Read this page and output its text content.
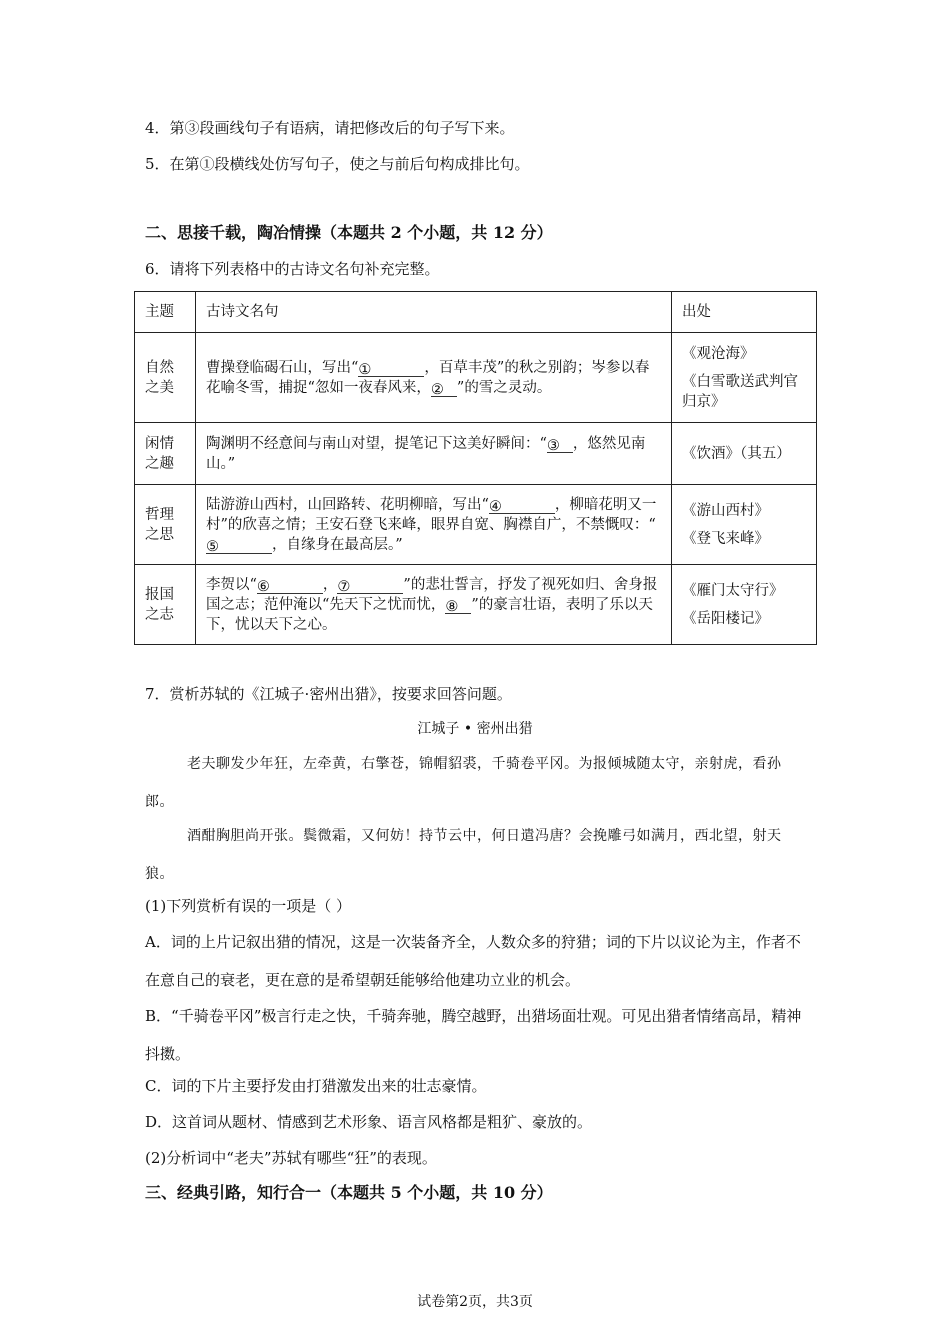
4．第③段画线句子有语病，请把修改后的句子写下来。
5．在第①段横线处仿写句子，使之与前后句构成排比句。
二、思接千载，陶冶情操（本题共 2 个小题，共 12 分）
6．请将下列表格中的古诗文名句补充完整。
主题	古诗文名句	出处
自然之美	曹操登临碣石山，写出“① ，百草丰茂”的秋之别韵；岑参以春花喻冬雪，捕捉“忽如一夜春风来，② ”的雪之灵动。	《观沧海》
《白雪歌送武判官归京》

闲情之趣	陶渊明不经意间与南山对望，提笔记下这美好瞬间：“③ ，悠然见南山。”	《饮酒》（其五）

哲理之思	陆游游山西村，山回路转、花明柳暗，写出“④ ，柳暗花明又一村”的欣喜之情；王安石登飞来峰，眼界自宽、胸襟自广，不禁慨叹：“⑤ ，自缘身在最高层。”	《游山西村》
《登飞来峰》

报国之志	李贺以“⑥ ，⑦ ”的悲壮誓言，抒发了视死如归、舍身报国之志；范仲淹以“先天下之忧而忧，⑧ ”的豪言壮语，表明了乐以天下，忧以天下之心。	《雁门太守行》
《岳阳楼记》
7．赏析苏轼的《江城子·密州出猎》，按要求回答问题。
江城子 • 密州出猎
老夫聊发少年狂，左牵黄，右擎苍，锦帽貂裘，千骑卷平冈。为报倾城随太守，亲射虎，看孙郎。
酒酣胸胆尚开张。鬓微霜，又何妨！持节云中，何日遣冯唐？会挽雕弓如满月，西北望，射天狼。
(1)下列赏析有误的一项是（ ）
A．词的上片记叙出猎的情况，这是一次装备齐全，人数众多的狩猎；词的下片以议论为主，作者不在意自己的衰老，更在意的是希望朝廷能够给他建功立业的机会。
B．“千骑卷平冈”极言行走之快，千骑奔驰，腾空越野，出猎场面壮观。可见出猎者情绪高昂，精神抖擞。
C．词的下片主要抒发由打猎激发出来的壮志豪情。
D．这首词从题材、情感到艺术形象、语言风格都是粗犷、豪放的。
(2)分析词中“老夫”苏轼有哪些“狂”的表现。
三、经典引路，知行合一（本题共 5 个小题，共 10 分）
试卷第2页，共3页
